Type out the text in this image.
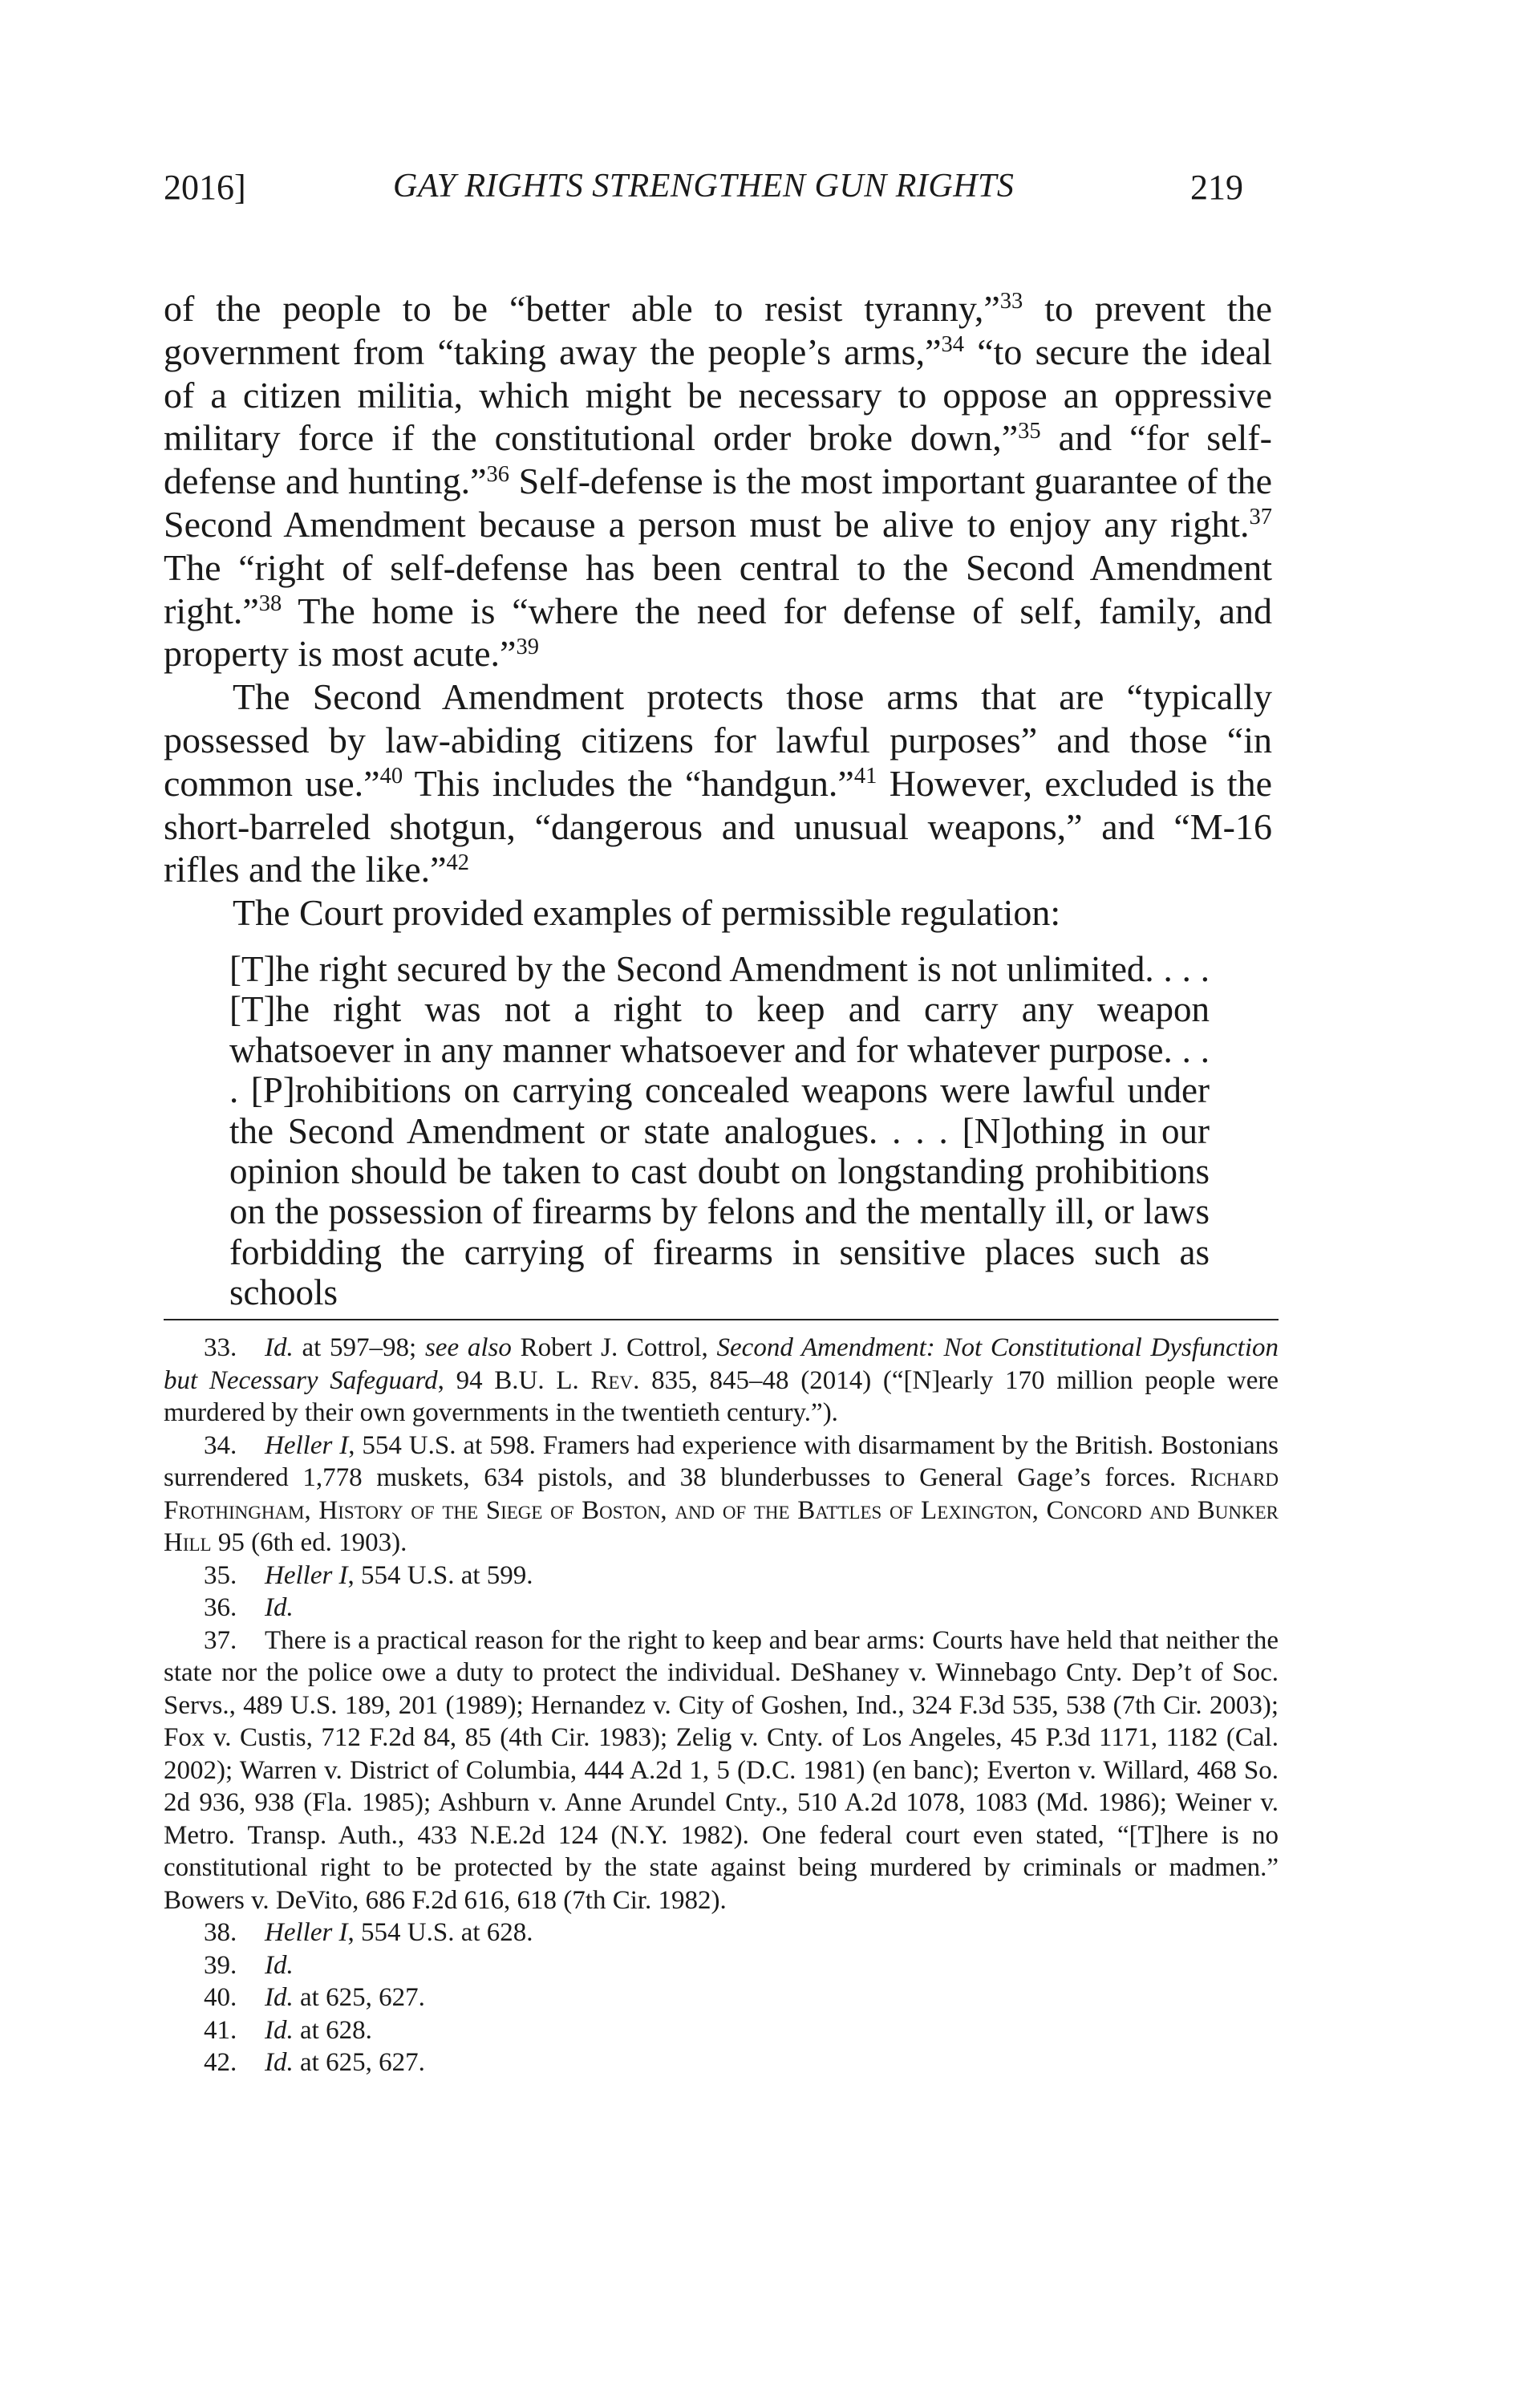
2016]	GAY RIGHTS STRENGTHEN GUN RIGHTS	219

of the people to be “better able to resist tyranny,”$^{33}$ to prevent the government from “taking away the people’s arms,”$^{34}$ “to secure the ideal of a citizen militia, which might be necessary to oppose an oppressive military force if the constitutional order broke down,”$^{35}$ and “for self-defense and hunting.”$^{36}$ Self-defense is the most important guarantee of the Second Amendment because a person must be alive to enjoy any right.$^{37}$ The “right of self-defense has been central to the Second Amendment right.”$^{38}$ The home is “where the need for defense of self, family, and property is most acute.”$^{39}$

The Second Amendment protects those arms that are “typically possessed by law-abiding citizens for lawful purposes” and those “in common use.”$^{40}$ This includes the “handgun.”$^{41}$ However, excluded is the short-barreled shotgun, “dangerous and unusual weapons,” and “M-16 rifles and the like.”$^{42}$

The Court provided examples of permissible regulation:

[T]he right secured by the Second Amendment is not unlimited. . . . [T]he right was not a right to keep and carry any weapon whatsoever in any manner whatsoever and for whatever purpose. . . . [P]rohibitions on carrying concealed weapons were lawful under the Second Amendment or state analogues. . . . [N]othing in our opinion should be taken to cast doubt on longstanding prohibitions on the possession of firearms by felons and the mentally ill, or laws forbidding the carrying of firearms in sensitive places such as schools

33. Id. at 597–98; see also Robert J. Cottrol, Second Amendment: Not Constitutional Dysfunction but Necessary Safeguard, 94 B.U. L. Rev. 835, 845–48 (2014) (“[N]early 170 million people were murdered by their own governments in the twentieth century.”).

34. Heller I, 554 U.S. at 598. Framers had experience with disarmament by the British. Bostonians surrendered 1,778 muskets, 634 pistols, and 38 blunderbusses to General Gage’s forces. Richard Frothingham, History of the Siege of Boston, and of the Battles of Lexington, Concord and Bunker Hill 95 (6th ed. 1903).

35. Heller I, 554 U.S. at 599.

36. Id.

37. There is a practical reason for the right to keep and bear arms: Courts have held that neither the state nor the police owe a duty to protect the individual. DeShaney v. Winnebago Cnty. Dep’t of Soc. Servs., 489 U.S. 189, 201 (1989); Hernandez v. City of Goshen, Ind., 324 F.3d 535, 538 (7th Cir. 2003); Fox v. Custis, 712 F.2d 84, 85 (4th Cir. 1983); Zelig v. Cnty. of Los Angeles, 45 P.3d 1171, 1182 (Cal. 2002); Warren v. District of Columbia, 444 A.2d 1, 5 (D.C. 1981) (en banc); Everton v. Willard, 468 So. 2d 936, 938 (Fla. 1985); Ashburn v. Anne Arundel Cnty., 510 A.2d 1078, 1083 (Md. 1986); Weiner v. Metro. Transp. Auth., 433 N.E.2d 124 (N.Y. 1982). One federal court even stated, “[T]here is no constitutional right to be protected by the state against being murdered by criminals or madmen.” Bowers v. DeVito, 686 F.2d 616, 618 (7th Cir. 1982).

38. Heller I, 554 U.S. at 628.

39. Id.

40. Id. at 625, 627.

41. Id. at 628.

42. Id. at 625, 627.
